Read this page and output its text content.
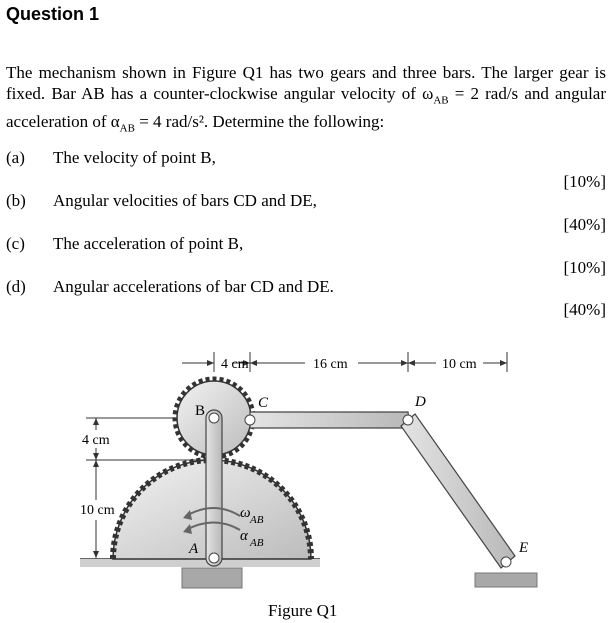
Question 1
The mechanism shown in Figure Q1 has two gears and three bars. The larger gear is fixed. Bar AB has a counter-clockwise angular velocity of $\omega_{AB} = 2$ rad/s and angular acceleration of $\alpha_{AB} = 4$ rad/s². Determine the following:
(a) The velocity of point B,
[10%]
(b) Angular velocities of bars CD and DE,
[40%]
(c) The acceleration of point B,
[10%]
(d) Angular accelerations of bar CD and DE.
[40%]
4 cm	16 cm	10 cm
4 cm
10 cm
B	C	D
E
A
ω AB
α AB
Figure Q1
